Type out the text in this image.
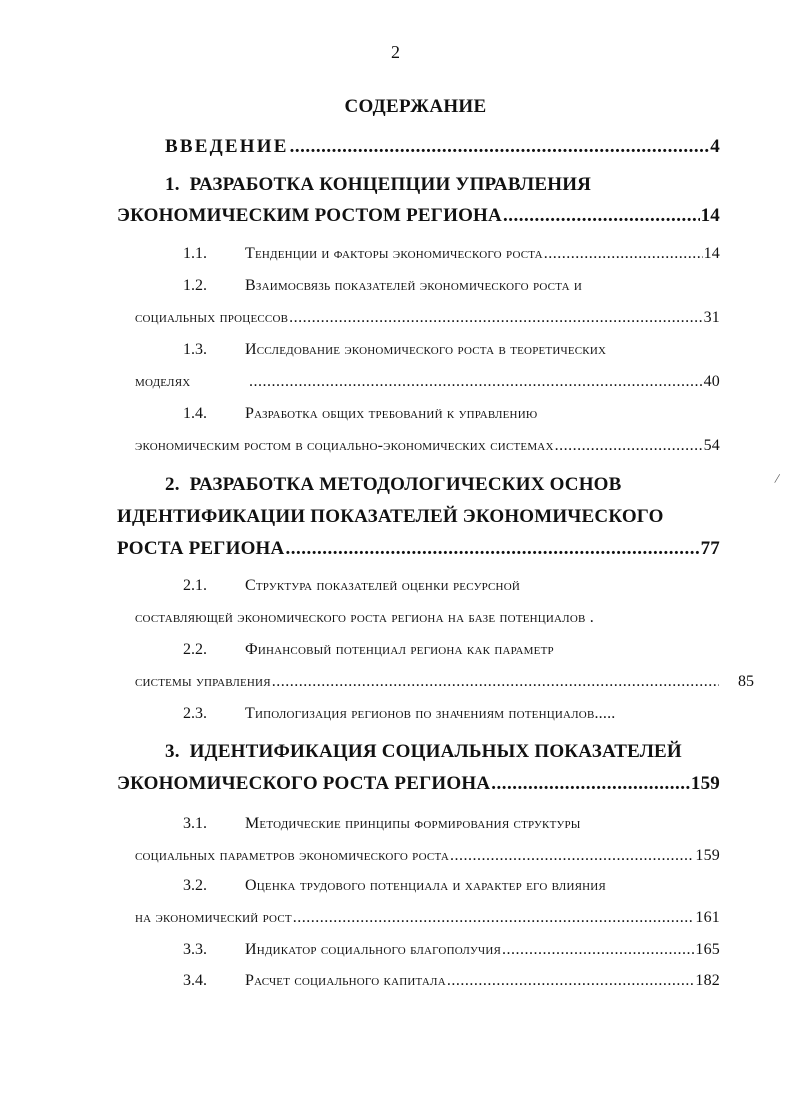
2
СОДЕРЖАНИЕ
ВВЕДЕНИЕ .....	4
1. РАЗРАБОТКА КОНЦЕПЦИИ УПРАВЛЕНИЯ
ЭКОНОМИЧЕСКИМ РОСТОМ РЕГИОНА .....	14
1.1. Тенденции и факторы экономического роста .....	14
1.2. Взаимосвязь показателей экономического роста и
социальных процессов .....	31
1.3. Исследование экономического роста в теоретических
моделях .....	40
1.4. Разработка общих требований к управлению
экономическим ростом в социально-экономических системах .....	54
2. РАЗРАБОТКА МЕТОДОЛОГИЧЕСКИХ ОСНОВ
ИДЕНТИФИКАЦИИ ПОКАЗАТЕЛЕЙ ЭКОНОМИЧЕСКОГО
РОСТА РЕГИОНА .....	77
2.1. Структура показателей оценки ресурсной
составляющей экономического роста региона на базе потенциалов .
2.2. Финансовый потенциал региона как параметр
системы управления .....	85
2.3. Типологизация регионов по значениям потенциалов.....
3. ИДЕНТИФИКАЦИЯ СОЦИАЛЬНЫХ ПОКАЗАТЕЛЕЙ
ЭКОНОМИЧЕСКОГО РОСТА РЕГИОНА .....	159
3.1. Методические принципы формирования структуры
социальных параметров экономического роста .....	159
3.2. Оценка трудового потенциала и характер его влияния
на экономический рост .....	161
3.3. Индикатор социального благополучия .....	165
3.4. Расчет социального капитала .....	182
/
